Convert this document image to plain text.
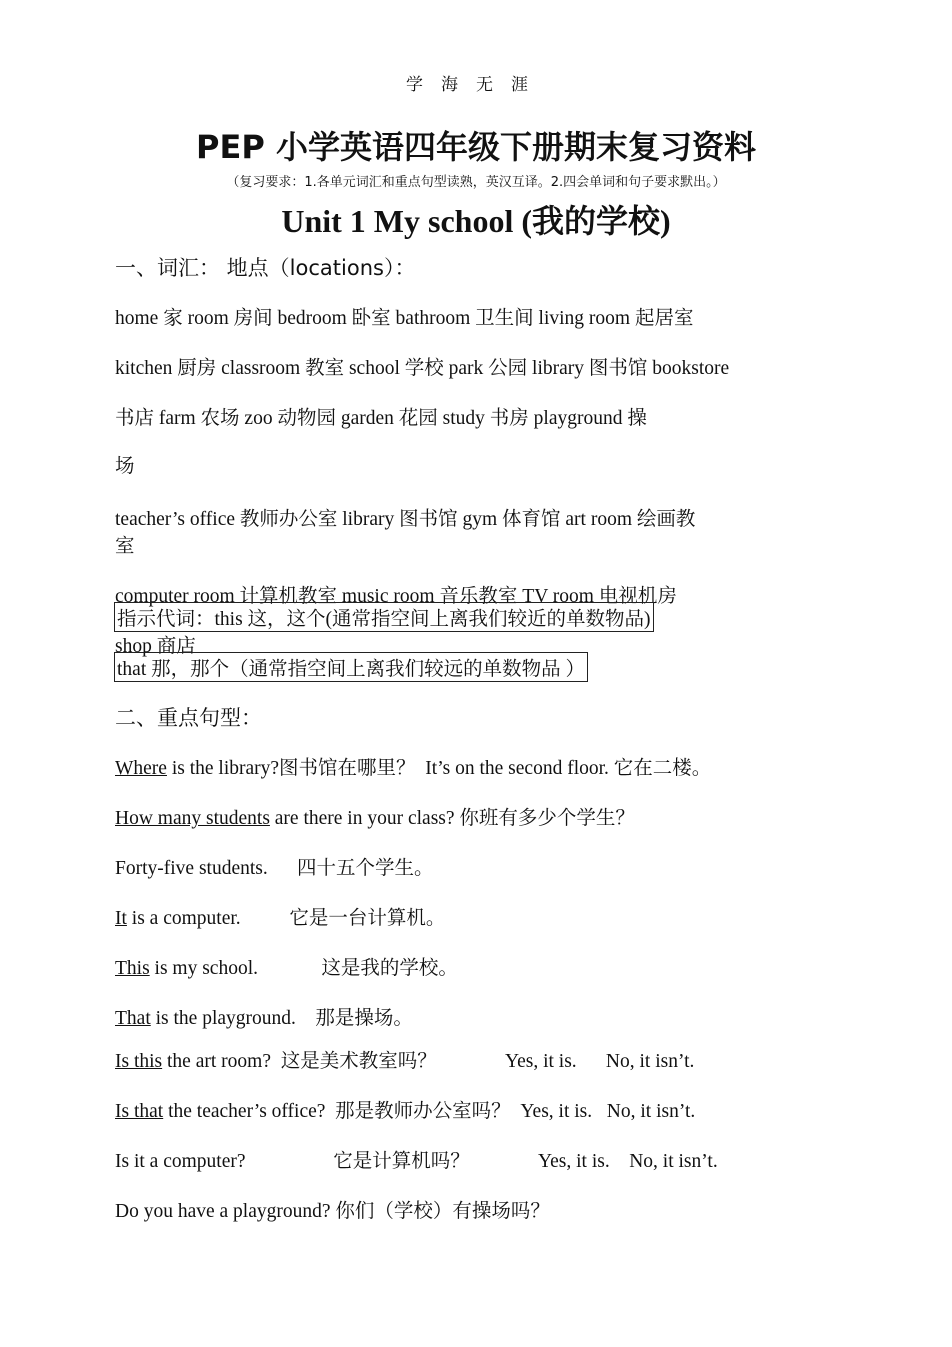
学海无涯
PEP 小学英语四年级下册期末复习资料
（复习要求：1.各单元词汇和重点句型读熟，英汉互译。2.四会单词和句子要求默出。）
Unit 1 My school (我的学校)
一、词汇： 地点（locations）：
home 家 room 房间 bedroom 卧室 bathroom 卫生间 living room 起居室
kitchen 厨房 classroom 教室 school 学校 park 公园 library 图书馆 bookstore
书店 farm 农场 zoo 动物园 garden 花园 study 书房 playground 操
场
teacher’s office 教师办公室 library 图书馆 gym 体育馆 art room 绘画教
室
computer room 计算机教室 music room 音乐教室 TV room 电视机房
指示代词：this 这，这个(通常指空间上离我们较近的单数物品)
shop 商店
that 那，那个（通常指空间上离我们较远的单数物品 ）
二、重点句型：
Where is the library?图书馆在哪里？  It’s on the second floor. 它在二楼。
How many students are there in your class? 你班有多少个学生？
Forty-five students.      四十五个学生。
It is a computer.          它是一台计算机。
This is my school.             这是我的学校。
That is the playground.    那是操场。
Is this the art room?  这是美术教室吗？              Yes, it is.      No, it isn’t.
Is that the teacher’s office?  那是教师办公室吗？  Yes, it is.   No, it isn’t.
Is it a computer?                  它是计算机吗？              Yes, it is.    No, it isn’t.
Do you have a playground? 你们（学校）有操场吗？
